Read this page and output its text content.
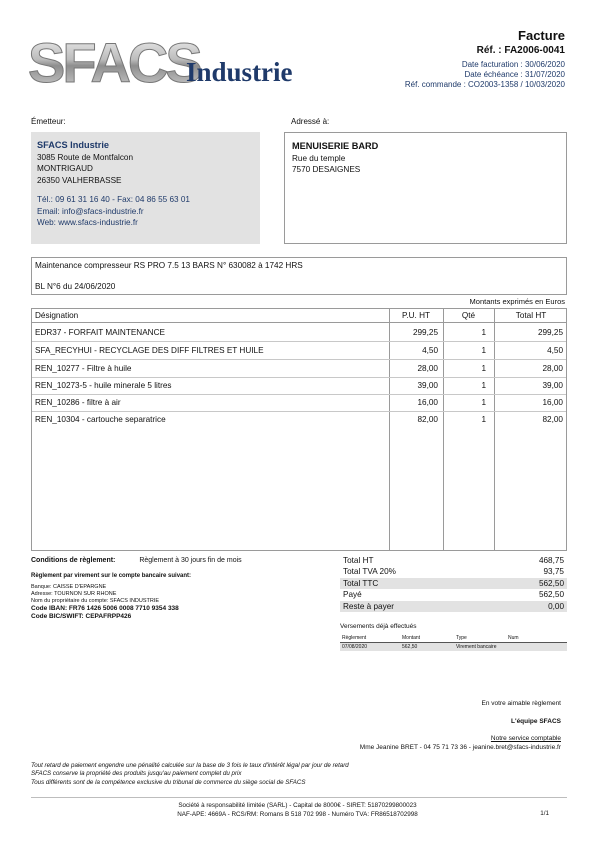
SFACS
Industrie
Facture
Réf. : FA2006-0041
Date facturation : 30/06/2020
Date échéance : 31/07/2020
Réf. commande : CO2003-1358 / 10/03/2020
Émetteur:	Adressé à:
SFACS Industrie
3085 Route de Montfalcon
MONTRIGAUD
26350 VALHERBASSE
Tél.: 09 61 31 16 40 - Fax: 04 86 55 63 01
Email: info@sfacs-industrie.fr
Web: www.sfacs-industrie.fr
MENUISERIE BARD
Rue du temple
7570 DESAIGNES
Maintenance compresseur RS PRO 7.5 13 BARS N° 630082 à 1742 HRS
BL N°6 du 24/06/2020
Montants exprimés en Euros
Désignation	P.U. HT	Qté	Total HT
EDR37 - FORFAIT MAINTENANCE	299,25	1	299,25
SFA_RECYHUI - RECYCLAGE DES DIFF FILTRES ET HUILE	4,50	1	4,50
REN_10277 - Filtre à huile	28,00	1	28,00
REN_10273-5 - huile minerale 5 litres	39,00	1	39,00
REN_10286 - filtre à air	16,00	1	16,00
REN_10304 - cartouche separatrice	82,00	1	82,00
Conditions de règlement:	Règlement à 30 jours fin de mois
Règlement par virement sur le compte bancaire suivant:
Banque: CAISSE D'EPARGNE
Adresse: TOURNON SUR RHONE
Nom du propriétaire du compte: SFACS INDUSTRIE
Code IBAN: FR76 1426 5006 0008 7710 9354 338
Code BIC/SWIFT: CEPAFRPP426
Total HT	468,75
Total TVA 20%	93,75
Total TTC	562,50
Payé	562,50
Reste à payer	0,00
Versements déjà effectués
Règlement	Montant	Type	Num
07/08/2020	562,50	Virement bancaire
En votre aimable règlement
L'équipe SFACS
Notre service comptable
Mme Jeanine BRET - 04 75 71 73 36 - jeanine.bret@sfacs-industrie.fr
Tout retard de paiement engendre une pénalité calculée sur la base de 3 fois le taux d'intérêt légal par jour de retard
SFACS conserve la propriété des produits jusqu'au paiement complet du prix
Tous différents sont de la compétence exclusive du tribunal de commerce du siège social de SFACS
Société à responsabilité limitée (SARL) - Capital de 8000€ - SIRET: 51870299800023
NAF-APE: 4669A - RCS/RM: Romans B 518 702 998 - Numéro TVA: FR86518702998	1/1
